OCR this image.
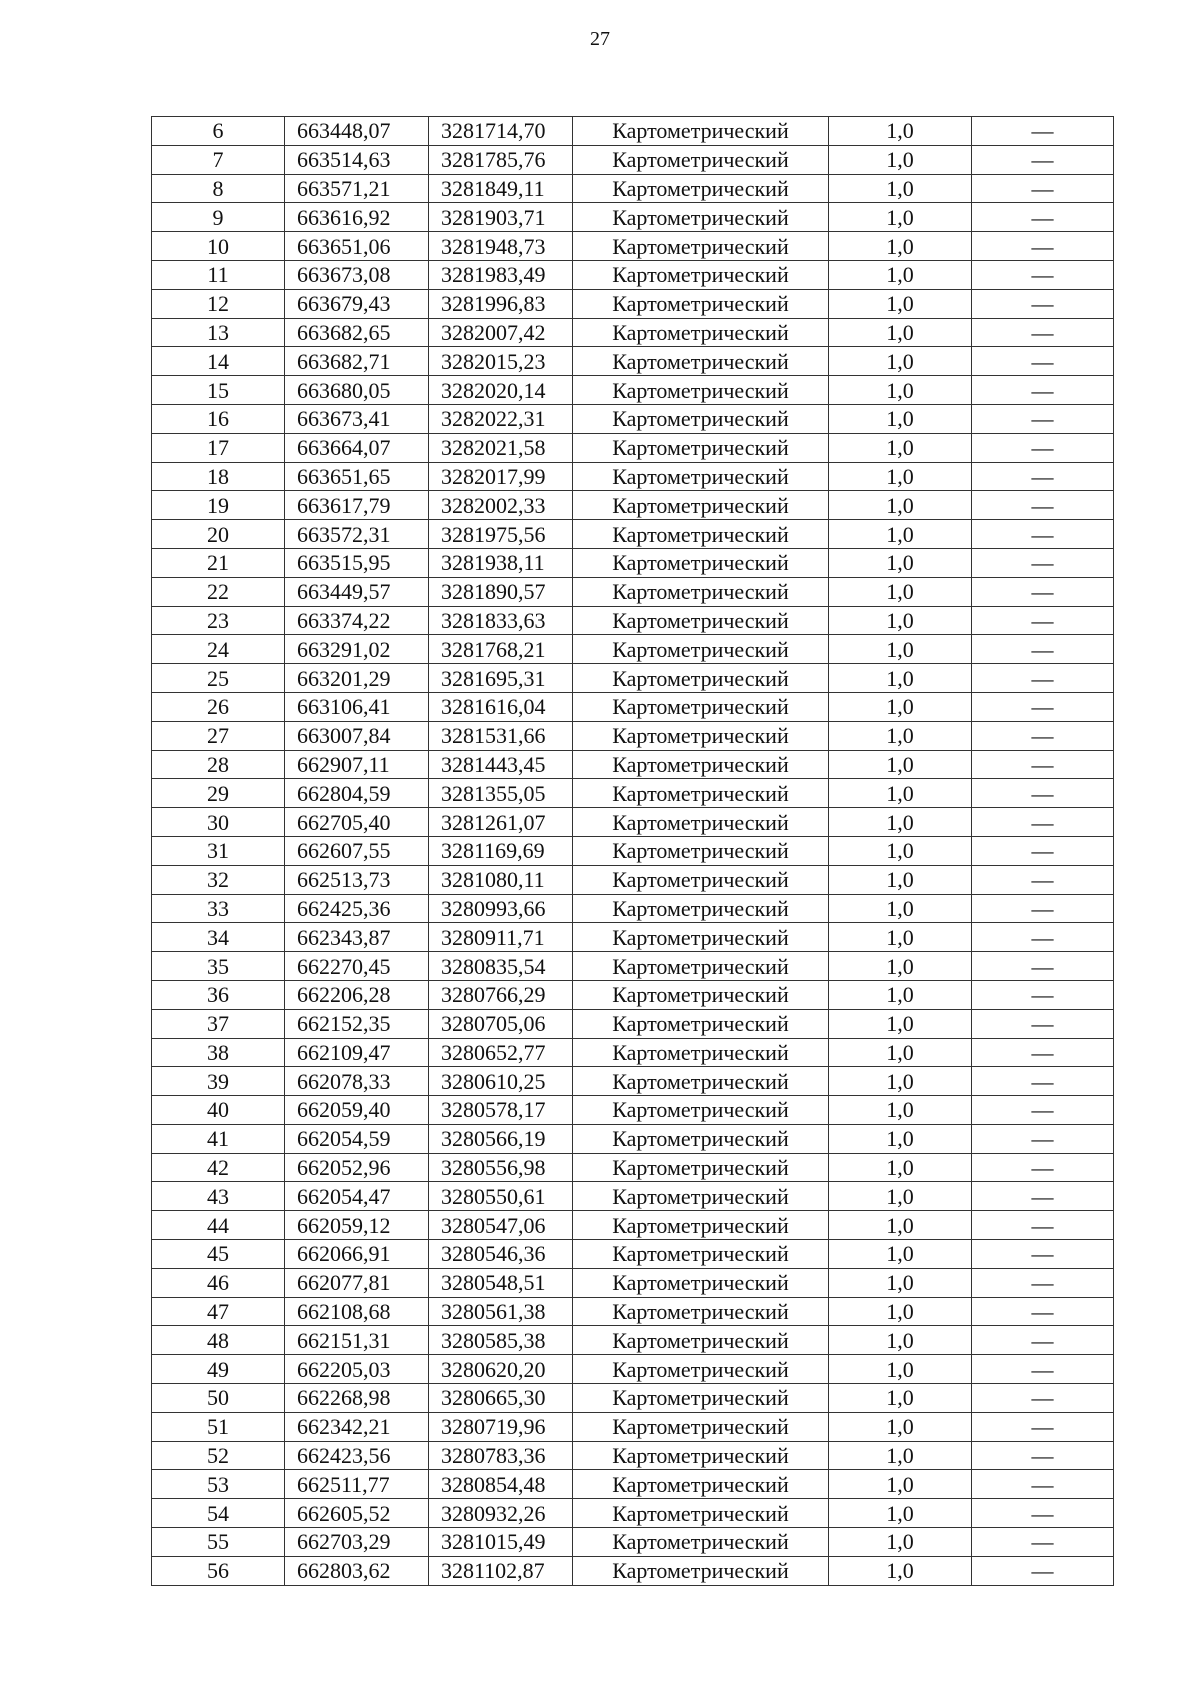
27
6	663448,07	3281714,70	Картометрический	1,0	—
7	663514,63	3281785,76	Картометрический	1,0	—
8	663571,21	3281849,11	Картометрический	1,0	—
9	663616,92	3281903,71	Картометрический	1,0	—
10	663651,06	3281948,73	Картометрический	1,0	—
11	663673,08	3281983,49	Картометрический	1,0	—
12	663679,43	3281996,83	Картометрический	1,0	—
13	663682,65	3282007,42	Картометрический	1,0	—
14	663682,71	3282015,23	Картометрический	1,0	—
15	663680,05	3282020,14	Картометрический	1,0	—
16	663673,41	3282022,31	Картометрический	1,0	—
17	663664,07	3282021,58	Картометрический	1,0	—
18	663651,65	3282017,99	Картометрический	1,0	—
19	663617,79	3282002,33	Картометрический	1,0	—
20	663572,31	3281975,56	Картометрический	1,0	—
21	663515,95	3281938,11	Картометрический	1,0	—
22	663449,57	3281890,57	Картометрический	1,0	—
23	663374,22	3281833,63	Картометрический	1,0	—
24	663291,02	3281768,21	Картометрический	1,0	—
25	663201,29	3281695,31	Картометрический	1,0	—
26	663106,41	3281616,04	Картометрический	1,0	—
27	663007,84	3281531,66	Картометрический	1,0	—
28	662907,11	3281443,45	Картометрический	1,0	—
29	662804,59	3281355,05	Картометрический	1,0	—
30	662705,40	3281261,07	Картометрический	1,0	—
31	662607,55	3281169,69	Картометрический	1,0	—
32	662513,73	3281080,11	Картометрический	1,0	—
33	662425,36	3280993,66	Картометрический	1,0	—
34	662343,87	3280911,71	Картометрический	1,0	—
35	662270,45	3280835,54	Картометрический	1,0	—
36	662206,28	3280766,29	Картометрический	1,0	—
37	662152,35	3280705,06	Картометрический	1,0	—
38	662109,47	3280652,77	Картометрический	1,0	—
39	662078,33	3280610,25	Картометрический	1,0	—
40	662059,40	3280578,17	Картометрический	1,0	—
41	662054,59	3280566,19	Картометрический	1,0	—
42	662052,96	3280556,98	Картометрический	1,0	—
43	662054,47	3280550,61	Картометрический	1,0	—
44	662059,12	3280547,06	Картометрический	1,0	—
45	662066,91	3280546,36	Картометрический	1,0	—
46	662077,81	3280548,51	Картометрический	1,0	—
47	662108,68	3280561,38	Картометрический	1,0	—
48	662151,31	3280585,38	Картометрический	1,0	—
49	662205,03	3280620,20	Картометрический	1,0	—
50	662268,98	3280665,30	Картометрический	1,0	—
51	662342,21	3280719,96	Картометрический	1,0	—
52	662423,56	3280783,36	Картометрический	1,0	—
53	662511,77	3280854,48	Картометрический	1,0	—
54	662605,52	3280932,26	Картометрический	1,0	—
55	662703,29	3281015,49	Картометрический	1,0	—
56	662803,62	3281102,87	Картометрический	1,0	—
